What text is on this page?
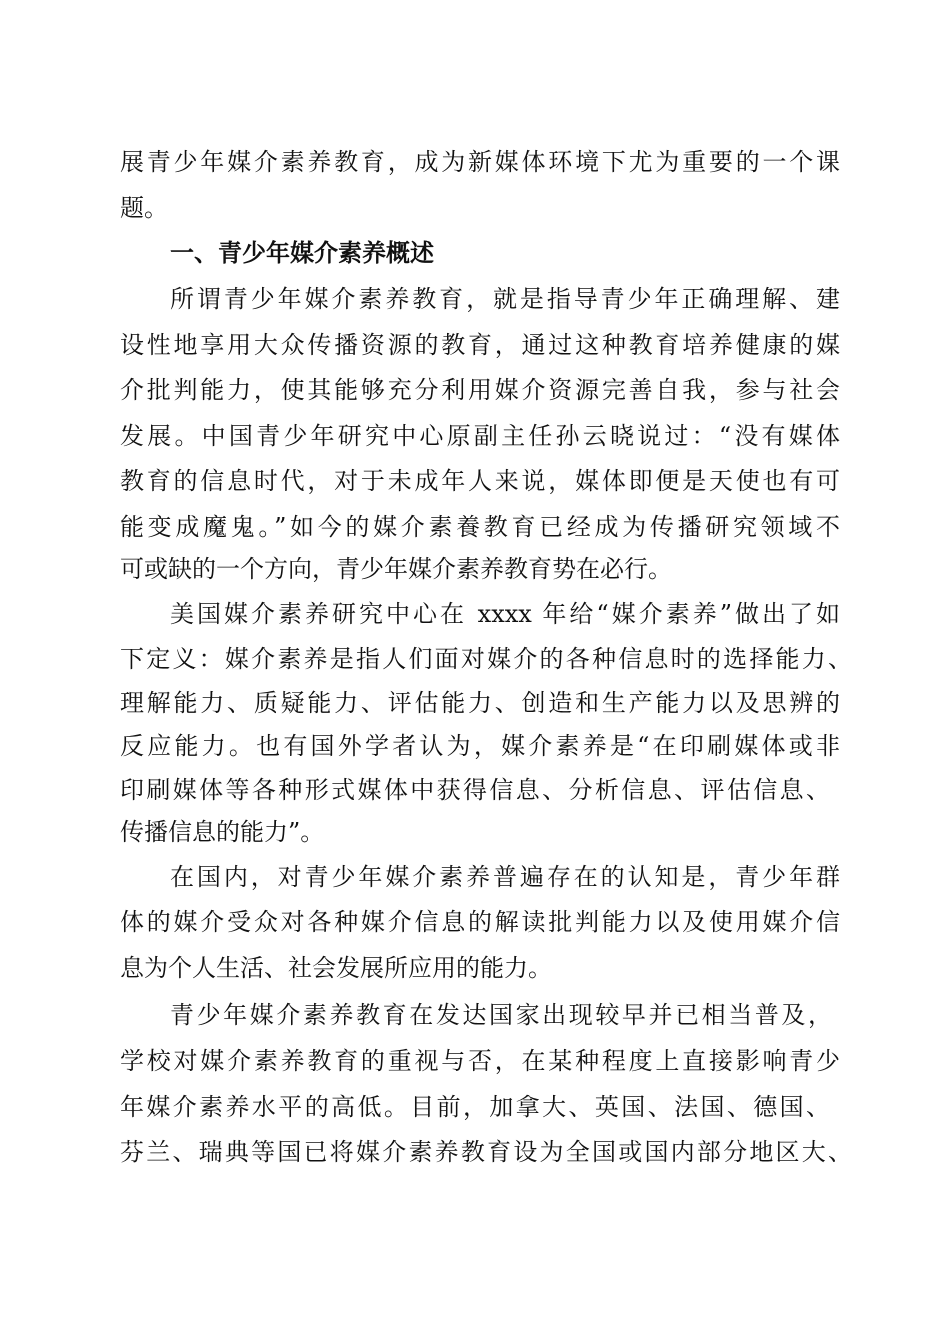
展青少年媒介素养教育，成为新媒体环境下尤为重要的一个课
题。
一、青少年媒介素养概述
所谓青少年媒介素养教育，就是指导青少年正确理解、建
设性地享用大众传播资源的教育，通过这种教育培养健康的媒
介批判能力，使其能够充分利用媒介资源完善自我，参与社会
发展。中国青少年研究中心原副主任孙云晓说过：“没有媒体
教育的信息时代，对于未成年人来说，媒体即便是天使也有可
能变成魔鬼。”如今的媒介素養教育已经成为传播研究领域不
可或缺的一个方向，青少年媒介素养教育势在必行。
美国媒介素养研究中心在 xxxx 年给“媒介素养”做出了如
下定义：媒介素养是指人们面对媒介的各种信息时的选择能力、
理解能力、质疑能力、评估能力、创造和生产能力以及思辨的
反应能力。也有国外学者认为，媒介素养是“在印刷媒体或非
印刷媒体等各种形式媒体中获得信息、分析信息、评估信息、
传播信息的能力”。
在国内，对青少年媒介素养普遍存在的认知是，青少年群
体的媒介受众对各种媒介信息的解读批判能力以及使用媒介信
息为个人生活、社会发展所应用的能力。
青少年媒介素养教育在发达国家出现较早并已相当普及，
学校对媒介素养教育的重视与否，在某种程度上直接影响青少
年媒介素养水平的高低。目前，加拿大、英国、法国、德国、
芬兰、瑞典等国已将媒介素养教育设为全国或国内部分地区大、
